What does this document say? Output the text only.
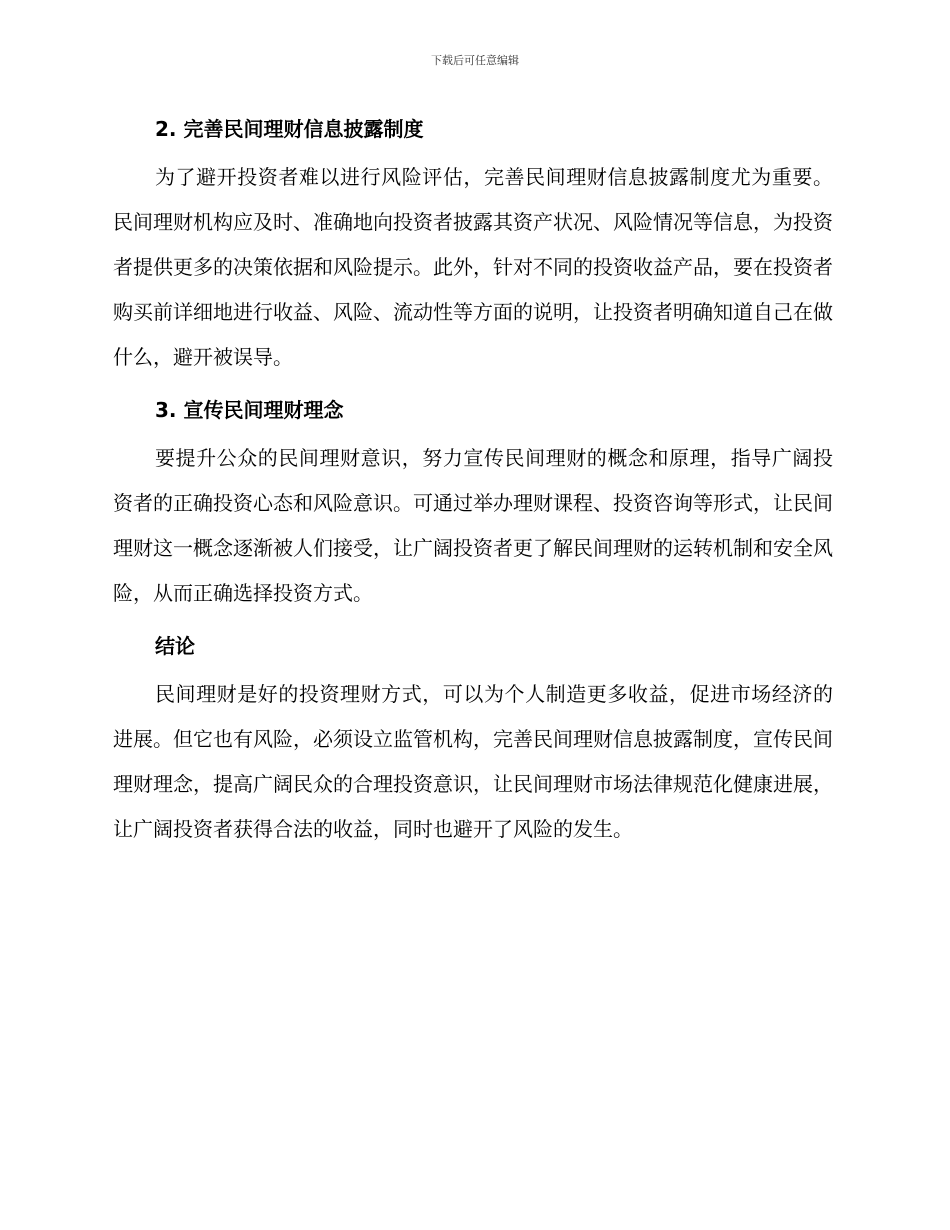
下载后可任意编辑
2. 完善民间理财信息披露制度

为了避开投资者难以进行风险评估，完善民间理财信息披露制度尤为重要。民间理财机构应及时、准确地向投资者披露其资产状况、风险情况等信息，为投资者提供更多的决策依据和风险提示。此外，针对不同的投资收益产品，要在投资者购买前详细地进行收益、风险、流动性等方面的说明，让投资者明确知道自己在做什么，避开被误导。

3. 宣传民间理财理念

要提升公众的民间理财意识，努力宣传民间理财的概念和原理，指导广阔投资者的正确投资心态和风险意识。可通过举办理财课程、投资咨询等形式，让民间理财这一概念逐渐被人们接受，让广阔投资者更了解民间理财的运转机制和安全风险，从而正确选择投资方式。

结论

民间理财是好的投资理财方式，可以为个人制造更多收益，促进市场经济的进展。但它也有风险，必须设立监管机构，完善民间理财信息披露制度，宣传民间理财理念，提高广阔民众的合理投资意识，让民间理财市场法律规范化健康进展，让广阔投资者获得合法的收益，同时也避开了风险的发生。
